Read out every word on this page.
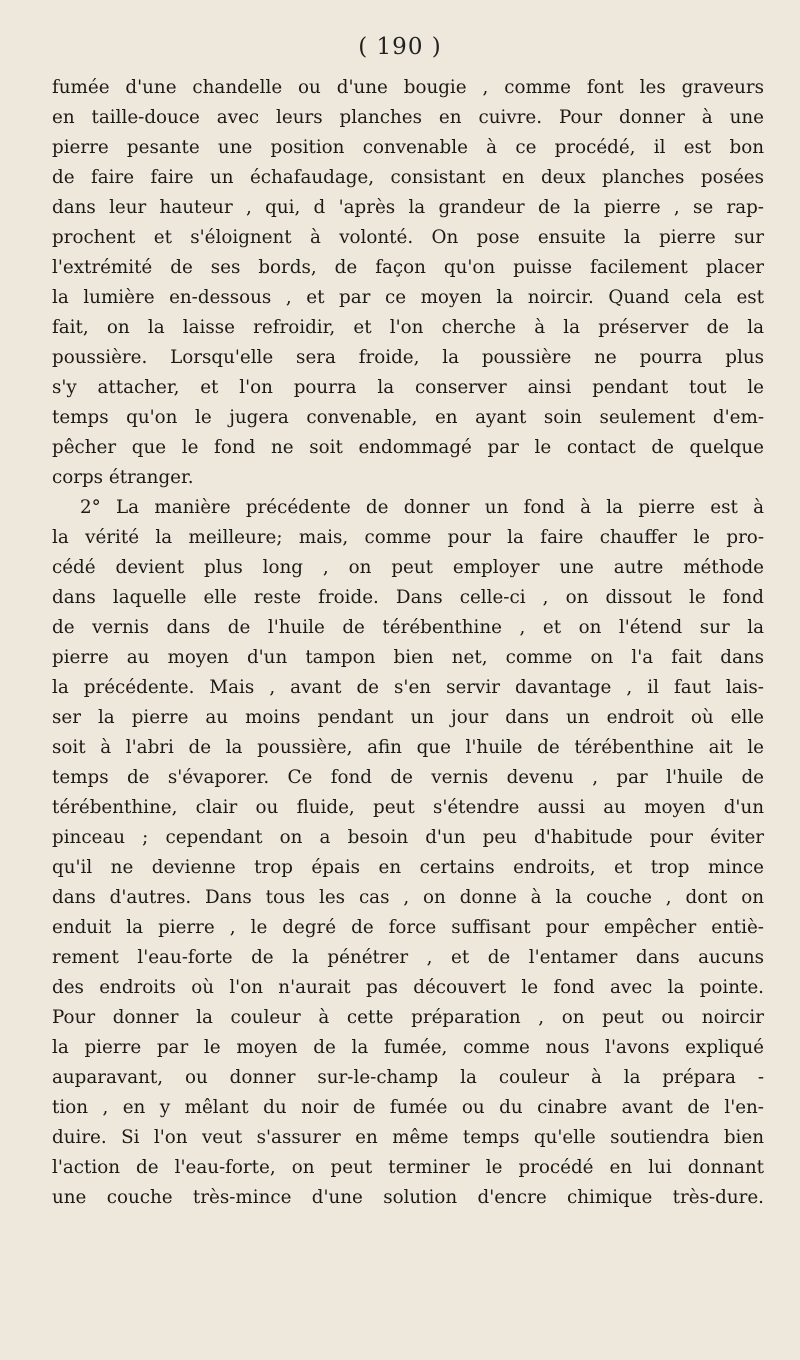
( 190 )
fumée d'une chandelle ou d'une bougie , comme font les graveurs
en taille-douce avec leurs planches en cuivre. Pour donner à une
pierre pesante une position convenable à ce procédé, il est bon
de faire faire un échafaudage, consistant en deux planches posées
dans leur hauteur , qui, d 'après la grandeur de la pierre , se rap-
prochent et s'éloignent à volonté. On pose ensuite la pierre sur
l'extrémité de ses bords, de façon qu'on puisse facilement placer
la lumière en-dessous , et par ce moyen la noircir. Quand cela est
fait, on la laisse refroidir, et l'on cherche à la préserver de la
poussière. Lorsqu'elle sera froide, la poussière ne pourra plus
s'y attacher, et l'on pourra la conserver ainsi pendant tout le
temps qu'on le jugera convenable, en ayant soin seulement d'em-
pêcher que le fond ne soit endommagé par le contact de quelque
corps étranger.
2° La manière précédente de donner un fond à la pierre est à
la vérité la meilleure; mais, comme pour la faire chauffer le pro-
cédé devient plus long , on peut employer une autre méthode
dans laquelle elle reste froide. Dans celle-ci , on dissout le fond
de vernis dans de l'huile de térébenthine , et on l'étend sur la
pierre au moyen d'un tampon bien net, comme on l'a fait dans
la précédente. Mais , avant de s'en servir davantage , il faut lais-
ser la pierre au moins pendant un jour dans un endroit où elle
soit à l'abri de la poussière, afin que l'huile de térébenthine ait le
temps de s'évaporer. Ce fond de vernis devenu , par l'huile de
térébenthine, clair ou fluide, peut s'étendre aussi au moyen d'un
pinceau ; cependant on a besoin d'un peu d'habitude pour éviter
qu'il ne devienne trop épais en certains endroits, et trop mince
dans d'autres. Dans tous les cas , on donne à la couche , dont on
enduit la pierre , le degré de force suffisant pour empêcher entiè-
rement l'eau-forte de la pénétrer , et de l'entamer dans aucuns
des endroits où l'on n'aurait pas découvert le fond avec la pointe.
Pour donner la couleur à cette préparation , on peut ou noircir
la pierre par le moyen de la fumée, comme nous l'avons expliqué
auparavant, ou donner sur-le-champ la couleur à la prépara -
tion , en y mêlant du noir de fumée ou du cinabre avant de l'en-
duire. Si l'on veut s'assurer en même temps qu'elle soutiendra bien
l'action de l'eau-forte, on peut terminer le procédé en lui donnant
une couche très-mince d'une solution d'encre chimique très-dure.
